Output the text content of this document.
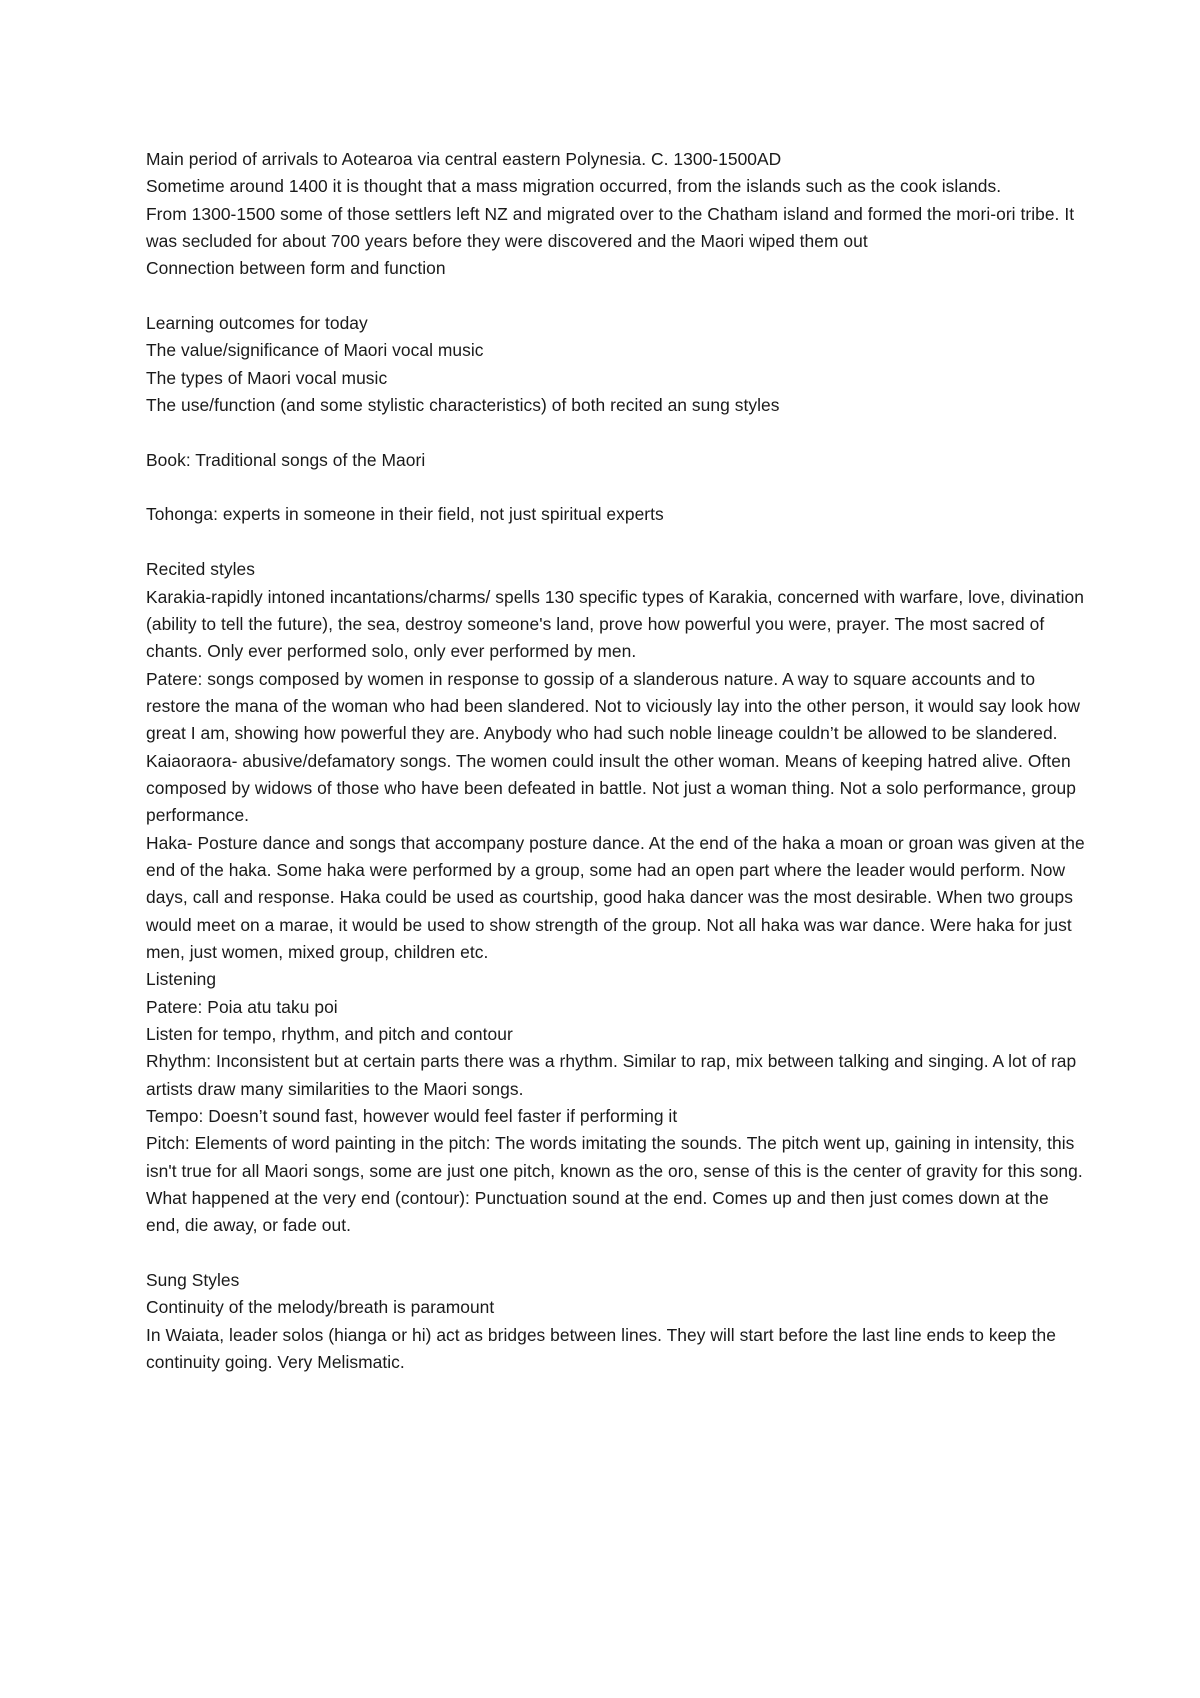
Main period of arrivals to Aotearoa via central eastern Polynesia. C. 1300-1500AD

Sometime around 1400 it is thought that a mass migration occurred, from the islands such as the cook islands.

From 1300-1500 some of those settlers left NZ and migrated over to the Chatham island and formed the mori-ori tribe. It was secluded for about 700 years before they were discovered and the Maori wiped them out

Connection between form and function

Learning outcomes for today

The value/significance of Maori vocal music

The types of Maori vocal music

The use/function (and some stylistic characteristics) of both recited an sung styles

Book: Traditional songs of the Maori

Tohonga: experts in someone in their field, not just spiritual experts

Recited styles

Karakia-rapidly intoned incantations/charms/ spells 130 specific types of Karakia, concerned with warfare, love, divination (ability to tell the future), the sea, destroy someone's land, prove how powerful you were, prayer. The most sacred of chants. Only ever performed solo, only ever performed by men.

Patere: songs composed by women in response to gossip of a slanderous nature. A way to square accounts and to restore the mana of the woman who had been slandered. Not to viciously lay into the other person, it would say look how great I am, showing how powerful they are. Anybody who had such noble lineage couldn’t be allowed to be slandered.

Kaiaoraora- abusive/defamatory songs. The women could insult the other woman. Means of keeping hatred alive. Often composed by widows of those who have been defeated in battle. Not just a woman thing. Not a solo performance, group performance.

Haka- Posture dance and songs that accompany posture dance. At the end of the haka a moan or groan was given at the end of the haka. Some haka were performed by a group, some had an open part where the leader would perform. Now days, call and response. Haka could be used as courtship, good haka dancer was the most desirable. When two groups would meet on a marae, it would be used to show strength of the group. Not all haka was war dance. Were haka for just men, just women, mixed group, children etc.

Listening

Patere: Poia atu taku poi

Listen for tempo, rhythm, and pitch and contour

Rhythm: Inconsistent but at certain parts there was a rhythm. Similar to rap, mix between talking and singing. A lot of rap artists draw many similarities to the Maori songs.

Tempo: Doesn’t sound fast, however would feel faster if performing it

Pitch: Elements of word painting in the pitch: The words imitating the sounds. The pitch went up, gaining in intensity, this isn't true for all Maori songs, some are just one pitch, known as the oro, sense of this is the center of gravity for this song.

What happened at the very end (contour): Punctuation sound at the end. Comes up and then just comes down at the end, die away, or fade out.

Sung Styles

Continuity of the melody/breath is paramount

In Waiata, leader solos (hianga or hi) act as bridges between lines. They will start before the last line ends to keep the continuity going. Very Melismatic.
